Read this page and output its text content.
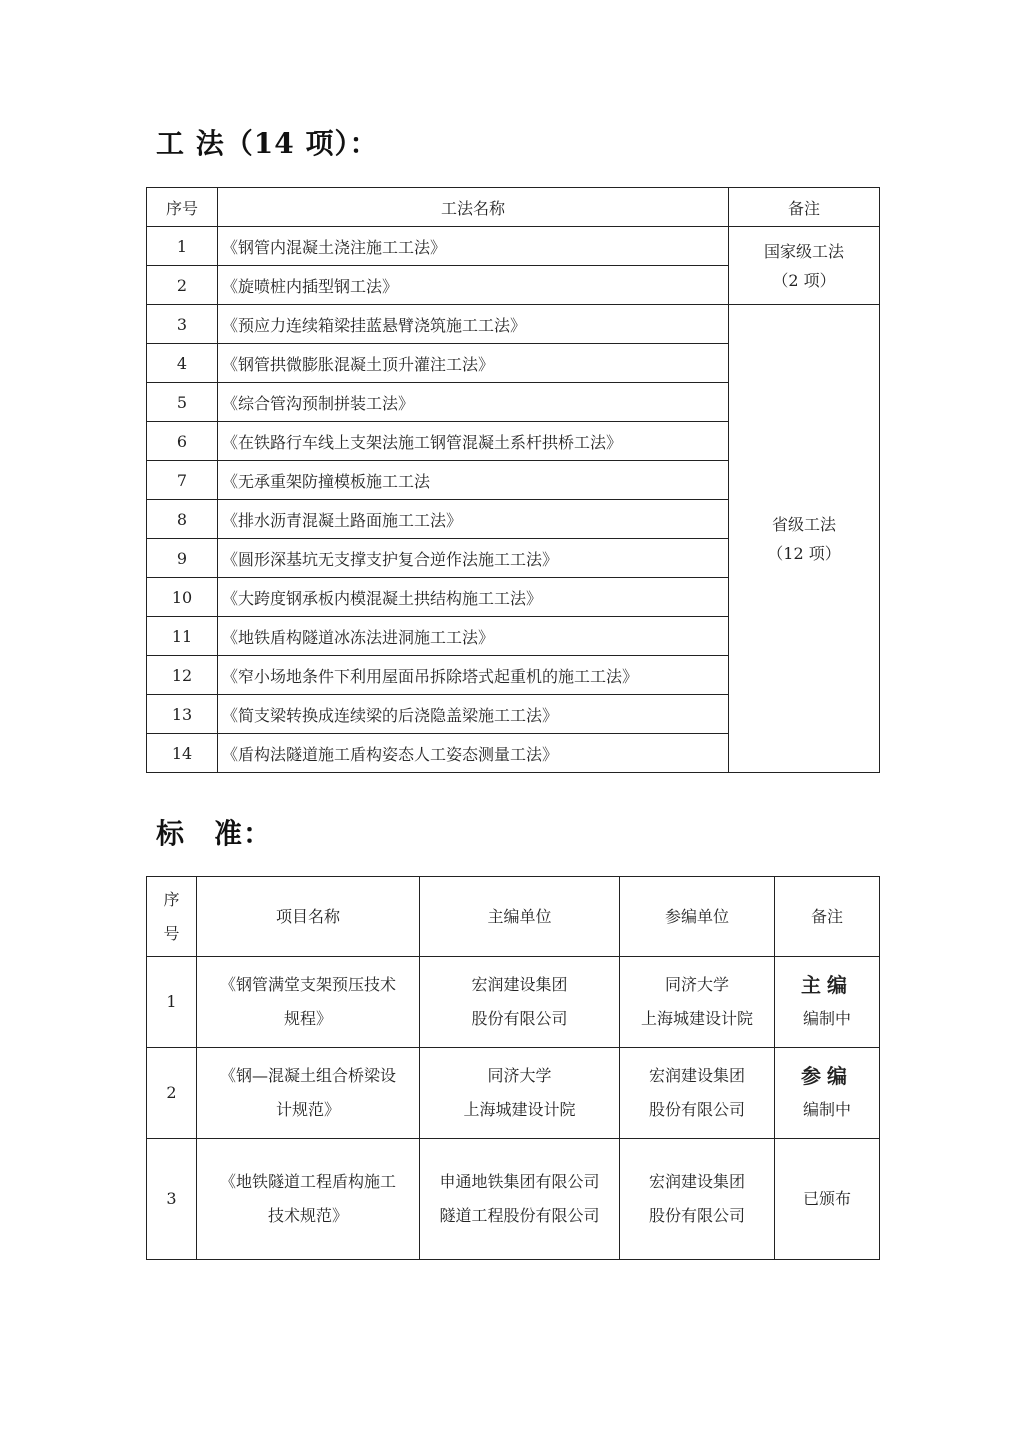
工 法（14 项）：
序号	工法名称	备注
1	《钢管内混凝土浇注施工工法》	国家级工法
（2 项）

2	《旋喷桩内插型钢工法》	
3	《预应力连续箱梁挂蓝悬臂浇筑施工工法》	省级工法
（12 项）

4	《钢管拱微膨胀混凝土顶升灌注工法》	
5	《综合管沟预制拼装工法》	
6	《在铁路行车线上支架法施工钢管混凝土系杆拱桥工法》	
7	《无承重架防撞模板施工工法	
8	《排水沥青混凝土路面施工工法》	
9	《圆形深基坑无支撑支护复合逆作法施工工法》	
10	《大跨度钢承板内模混凝土拱结构施工工法》	
11	《地铁盾构隧道冰冻法进洞施工工法》	
12	《窄小场地条件下利用屋面吊拆除塔式起重机的施工工法》	
13	《简支梁转换成连续梁的后浇隐盖梁施工工法》	
14	《盾构法隧道施工盾构姿态人工姿态测量工法》	
标　准：
序
号	项目名称	主编单位	参编单位	备注
1	《钢管满堂支架预压技术
规程》	宏润建设集团
股份有限公司	同济大学
上海城建设计院	主编
编制中

2	《钢—混凝土组合桥梁设
计规范》	同济大学
上海城建设计院	宏润建设集团
股份有限公司	参编
编制中

3	《地铁隧道工程盾构施工
技术规范》	申通地铁集团有限公司
隧道工程股份有限公司	宏润建设集团
股份有限公司	已颁布
